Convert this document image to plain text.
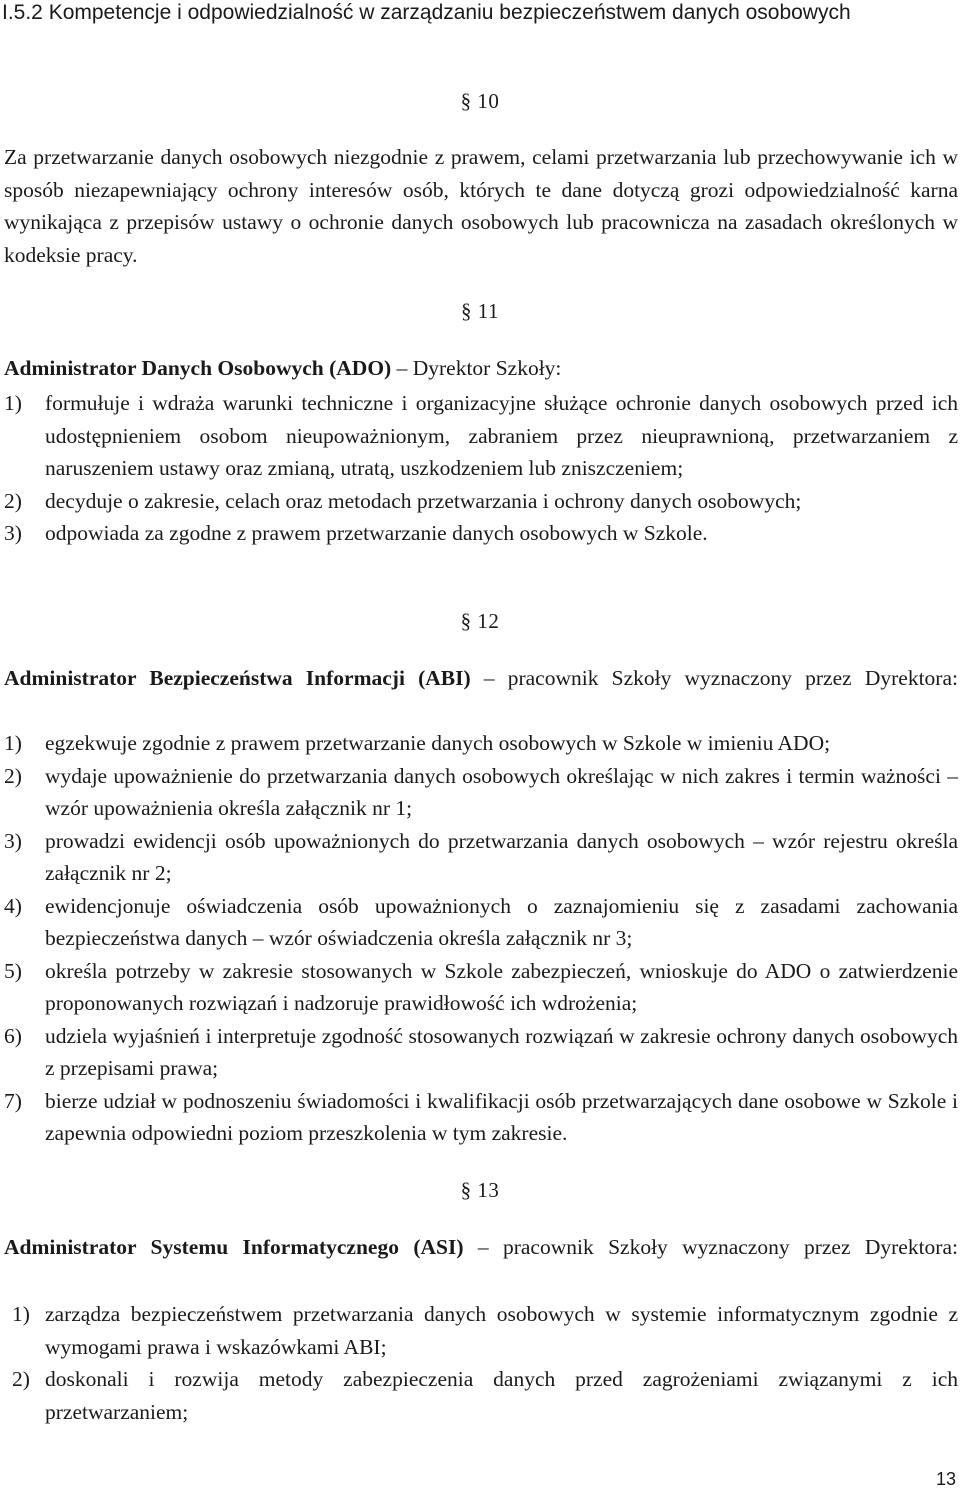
I.5.2 Kompetencje i odpowiedzialność w zarządzaniu bezpieczeństwem danych osobowych
§ 10
Za przetwarzanie danych osobowych niezgodnie z prawem, celami przetwarzania lub przechowywanie ich w sposób niezapewniający ochrony interesów osób, których te dane dotyczą grozi odpowiedzialność karna wynikająca z przepisów ustawy o ochronie danych osobowych lub pracownicza na zasadach określonych w kodeksie pracy.
§ 11
Administrator Danych Osobowych (ADO) – Dyrektor Szkoły:
1) formułuje i wdraża warunki techniczne i organizacyjne służące ochronie danych osobowych przed ich udostępnieniem osobom nieupoważnionym, zabraniem przez nieuprawnioną, przetwarzaniem z naruszeniem ustawy oraz zmianą, utratą, uszkodzeniem lub zniszczeniem;
2) decyduje o zakresie, celach oraz metodach przetwarzania i ochrony danych osobowych;
3) odpowiada za zgodne z prawem przetwarzanie danych osobowych w Szkole.
§ 12
Administrator Bezpieczeństwa Informacji (ABI) – pracownik Szkoły wyznaczony przez Dyrektora:
1) egzekwuje zgodnie z prawem przetwarzanie danych osobowych w Szkole w imieniu ADO;
2) wydaje upoważnienie do przetwarzania danych osobowych określając w nich zakres i termin ważności – wzór upoważnienia określa załącznik nr 1;
3) prowadzi ewidencji osób upoważnionych do przetwarzania danych osobowych – wzór rejestru określa załącznik nr 2;
4) ewidencjonuje oświadczenia osób upoważnionych o zaznajomieniu się z zasadami zachowania bezpieczeństwa danych – wzór oświadczenia określa załącznik nr 3;
5) określa potrzeby w zakresie stosowanych w Szkole zabezpieczeń, wnioskuje do ADO o zatwierdzenie proponowanych rozwiązań i nadzoruje prawidłowość ich wdrożenia;
6) udziela wyjaśnień i interpretuje zgodność stosowanych rozwiązań w zakresie ochrony danych osobowych z przepisami prawa;
7) bierze udział w podnoszeniu świadomości i kwalifikacji osób przetwarzających dane osobowe w Szkole i zapewnia odpowiedni poziom przeszkolenia w tym zakresie.
§ 13
Administrator Systemu Informatycznego (ASI) – pracownik Szkoły wyznaczony przez Dyrektora:
1) zarządza bezpieczeństwem przetwarzania danych osobowych w systemie informatycznym zgodnie z wymogami prawa i wskazówkami ABI;
2) doskonali i rozwija metody zabezpieczenia danych przed zagrożeniami związanymi z ich przetwarzaniem;
13
